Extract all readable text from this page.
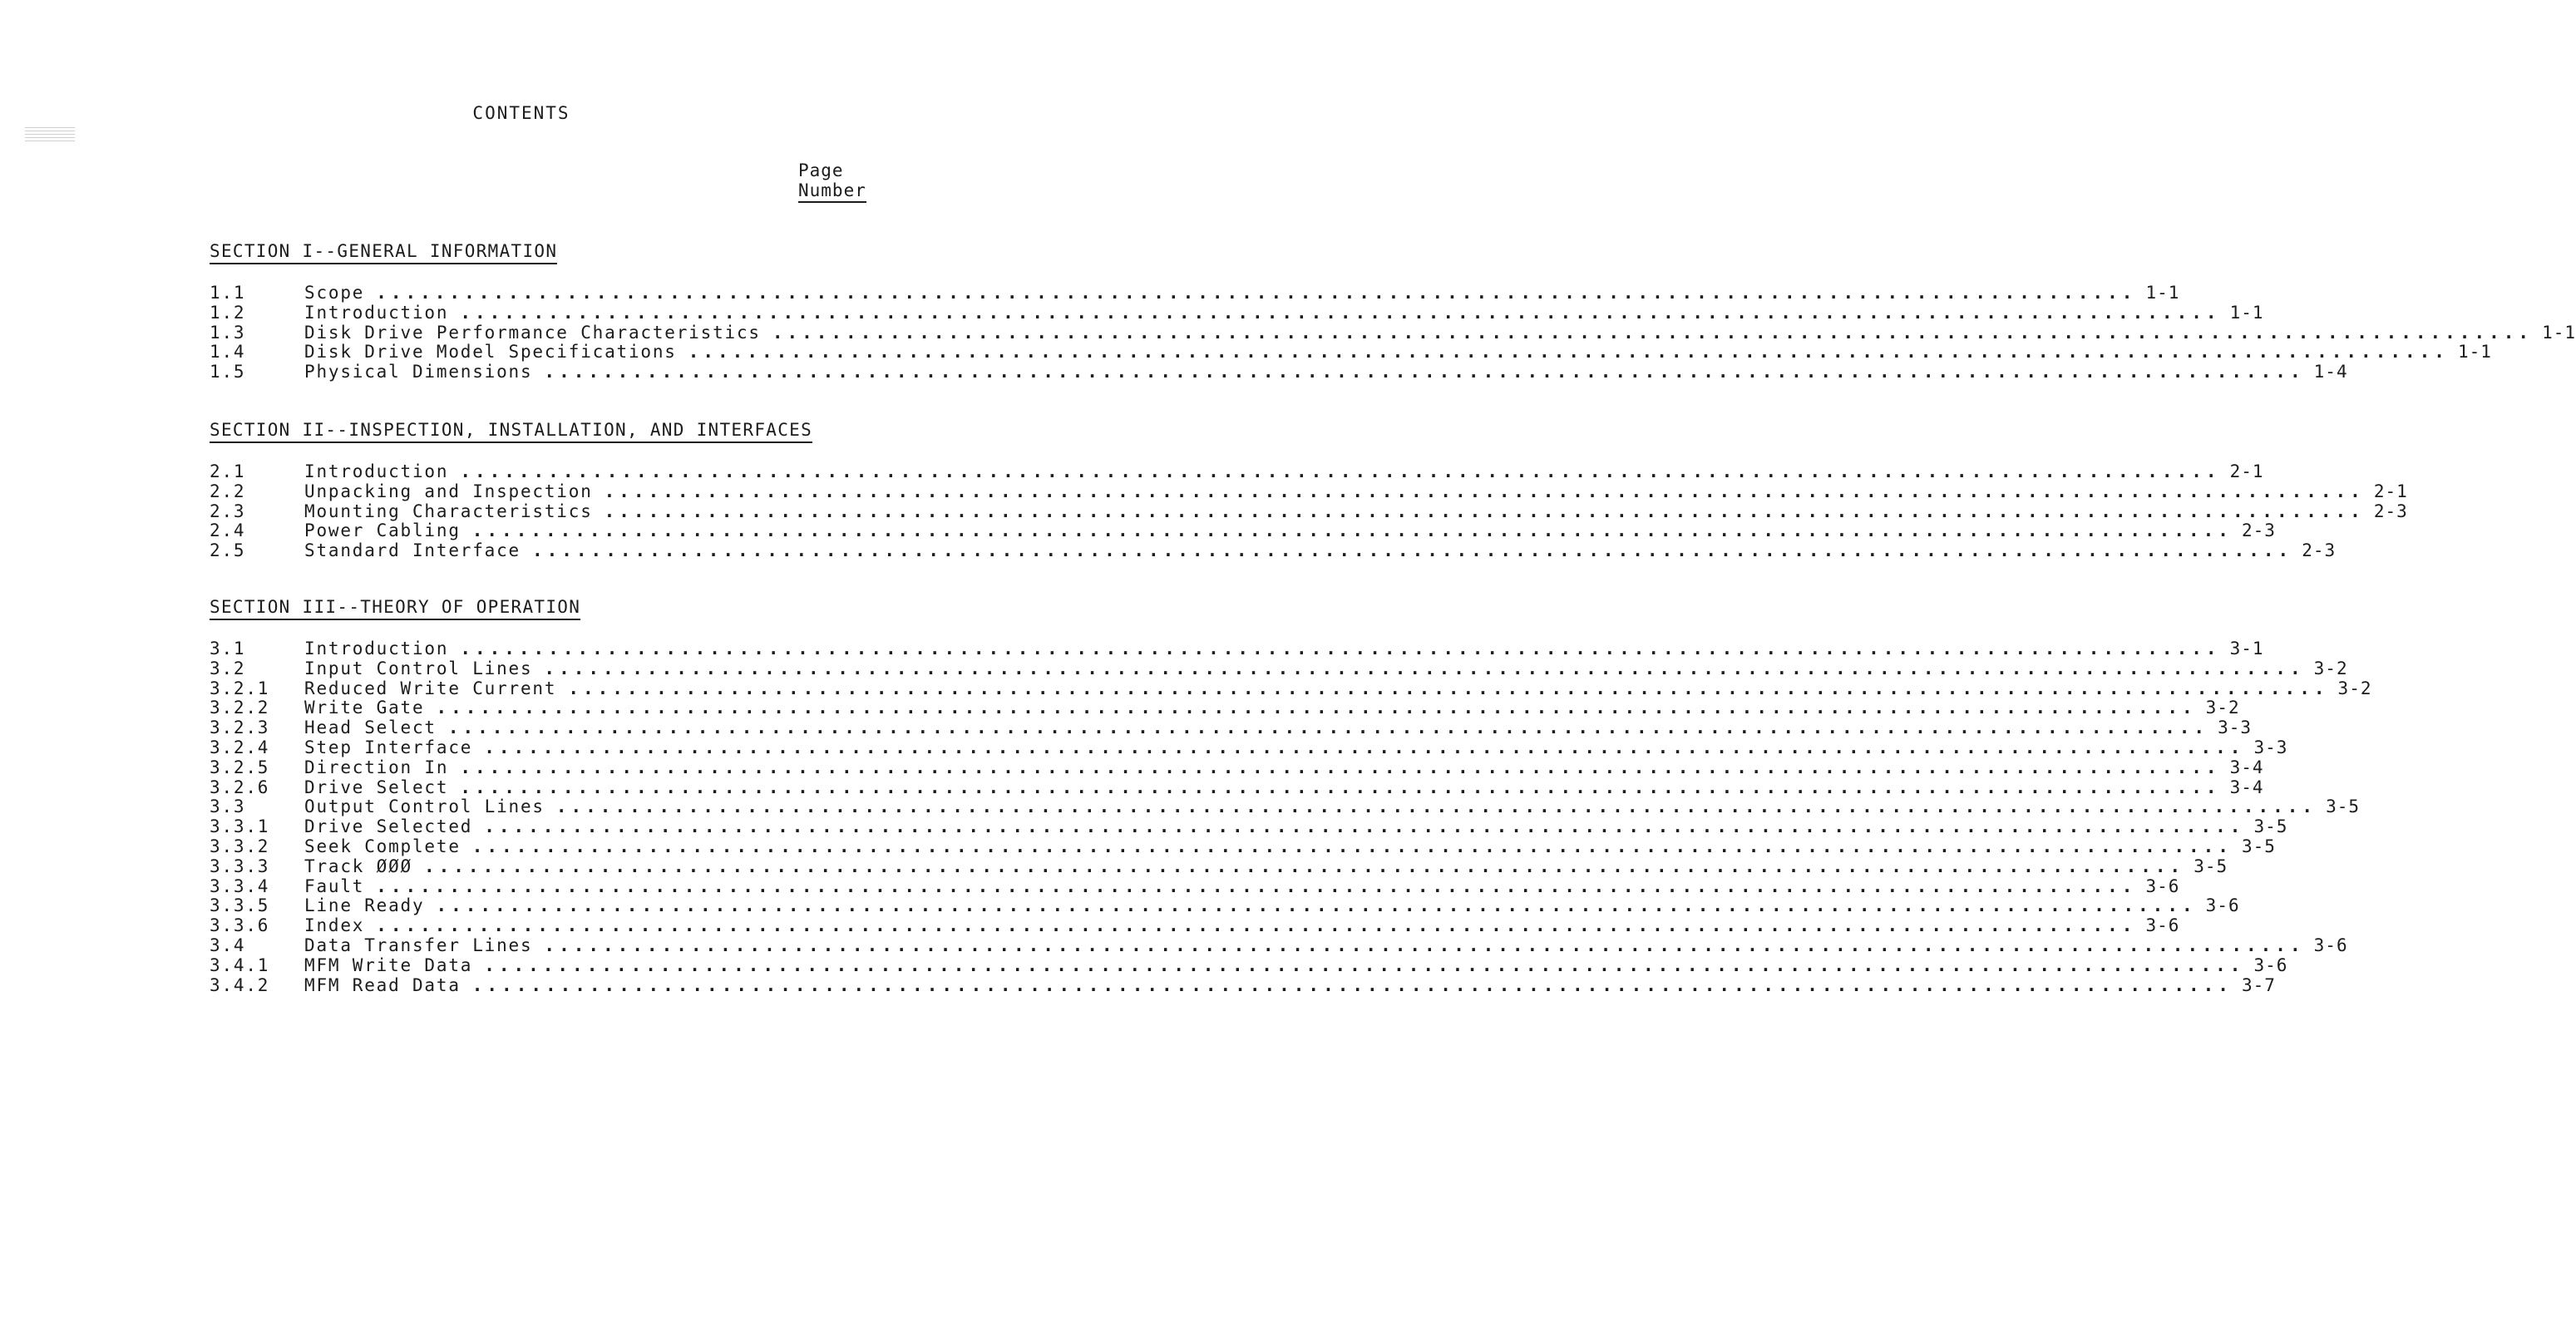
CONTENTS
Page
Number
SECTION I--GENERAL INFORMATION
1.1	Scope ........................................................................................................................ 1-1
1.2	Introduction ........................................................................................................................ 1-1
1.3	Disk Drive Performance Characteristics ........................................................................................................................ 1-1
1.4	Disk Drive Model Specifications ........................................................................................................................ 1-1
1.5	Physical Dimensions ........................................................................................................................ 1-4
SECTION II--INSPECTION, INSTALLATION, AND INTERFACES
2.1	Introduction ........................................................................................................................ 2-1
2.2	Unpacking and Inspection ........................................................................................................................ 2-1
2.3	Mounting Characteristics ........................................................................................................................ 2-3
2.4	Power Cabling ........................................................................................................................ 2-3
2.5	Standard Interface ........................................................................................................................ 2-3
SECTION III--THEORY OF OPERATION
3.1	Introduction ........................................................................................................................ 3-1
3.2	Input Control Lines ........................................................................................................................ 3-2
3.2.1	Reduced Write Current ........................................................................................................................ 3-2
3.2.2	Write Gate ........................................................................................................................ 3-2
3.2.3	Head Select ........................................................................................................................ 3-3
3.2.4	Step Interface ........................................................................................................................ 3-3
3.2.5	Direction In ........................................................................................................................ 3-4
3.2.6	Drive Select ........................................................................................................................ 3-4
3.3	Output Control Lines ........................................................................................................................ 3-5
3.3.1	Drive Selected ........................................................................................................................ 3-5
3.3.2	Seek Complete ........................................................................................................................ 3-5
3.3.3	Track ØØØ ........................................................................................................................ 3-5
3.3.4	Fault ........................................................................................................................ 3-6
3.3.5	Line Ready ........................................................................................................................ 3-6
3.3.6	Index ........................................................................................................................ 3-6
3.4	Data Transfer Lines ........................................................................................................................ 3-6
3.4.1	MFM Write Data ........................................................................................................................ 3-6
3.4.2	MFM Read Data ........................................................................................................................ 3-7
